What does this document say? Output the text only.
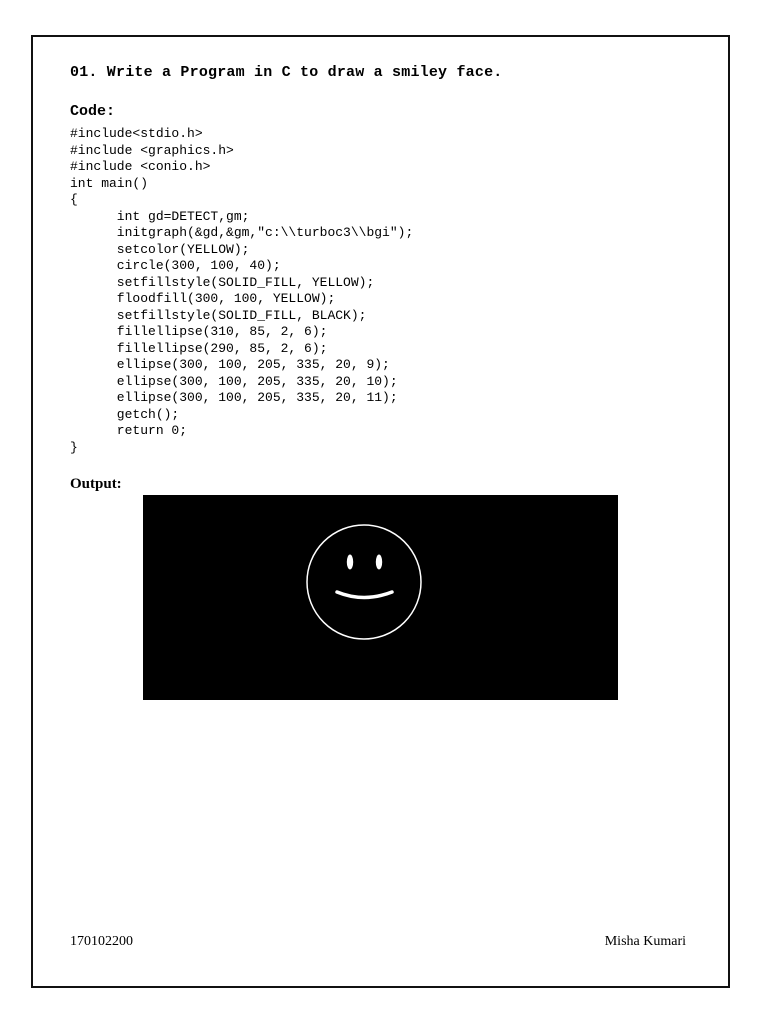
01. Write a Program in C to draw a smiley face.
Code:
#include<stdio.h>
#include <graphics.h>
#include <conio.h>
int main()
{
int gd=DETECT,gm;
initgraph(&gd,&gm,"c:\\turboc3\\bgi");
setcolor(YELLOW);
circle(300, 100, 40);
setfillstyle(SOLID_FILL, YELLOW);
floodfill(300, 100, YELLOW);
setfillstyle(SOLID_FILL, BLACK);
fillellipse(310, 85, 2, 6);
fillellipse(290, 85, 2, 6);
ellipse(300, 100, 205, 335, 20, 9);
ellipse(300, 100, 205, 335, 20, 10);
ellipse(300, 100, 205, 335, 20, 11);
getch();
return 0;
}
Output:
170102200	Misha Kumari
